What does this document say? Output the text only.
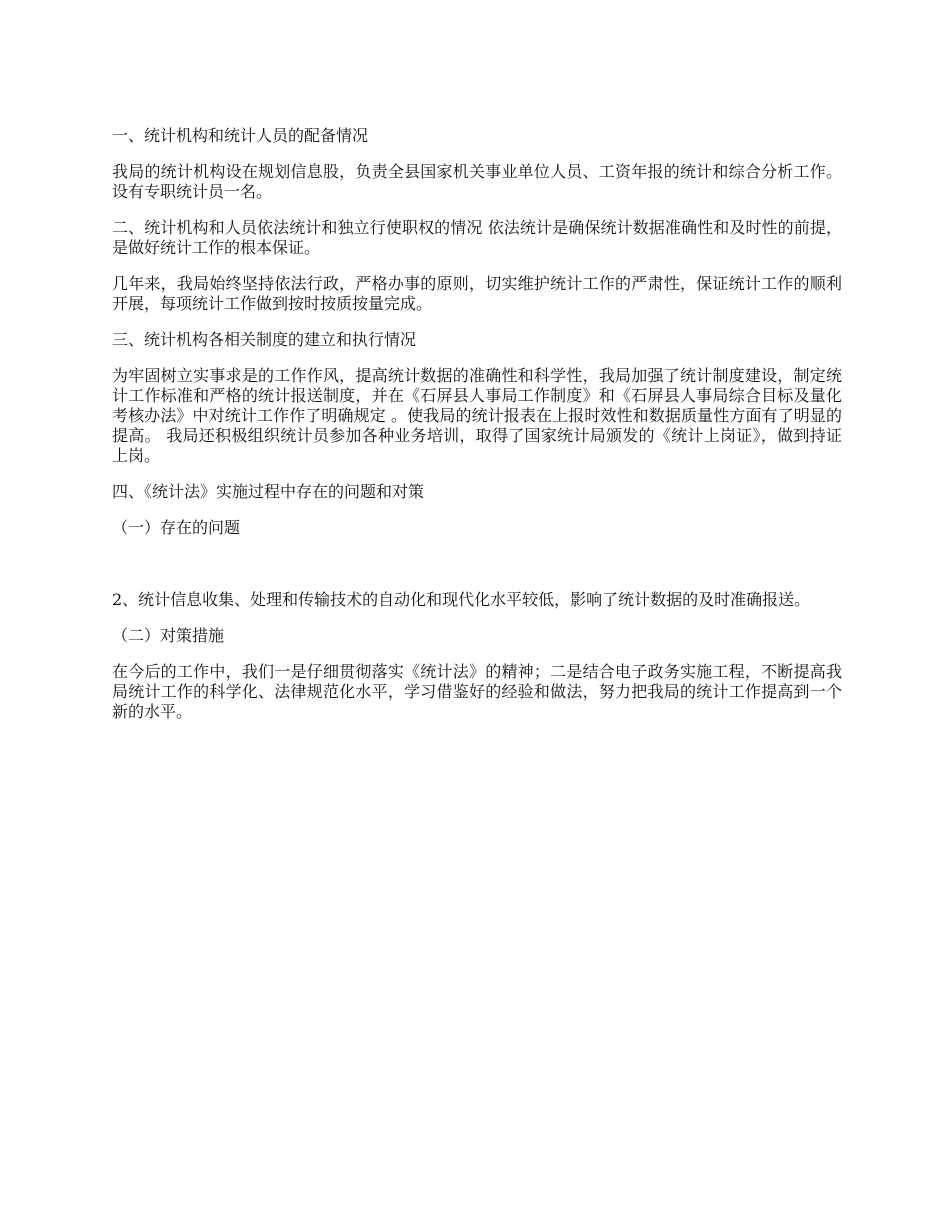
一、统计机构和统计人员的配备情况

我局的统计机构设在规划信息股，负责全县国家机关事业单位人员、工资年报的统计和综合分析工作。设有专职统计员一名。

二、统计机构和人员依法统计和独立行使职权的情况 依法统计是确保统计数据准确性和及时性的前提，是做好统计工作的根本保证。

几年来，我局始终坚持依法行政，严格办事的原则，切实维护统计工作的严肃性，保证统计工作的顺利开展，每项统计工作做到按时按质按量完成。

三、统计机构各相关制度的建立和执行情况

为牢固树立实事求是的工作作风，提高统计数据的准确性和科学性，我局加强了统计制度建设，制定统计工作标准和严格的统计报送制度，并在《石屏县人事局工作制度》和《石屏县人事局综合目标及量化考核办法》中对统计工作作了明确规定 。使我局的统计报表在上报时效性和数据质量性方面有了明显的提高。 我局还积极组织统计员参加各种业务培训，取得了国家统计局颁发的《统计上岗证》，做到持证上岗。

四、《统计法》实施过程中存在的问题和对策

（一）存在的问题

2、统计信息收集、处理和传输技术的自动化和现代化水平较低，影响了统计数据的及时准确报送。

（二）对策措施

在今后的工作中，我们一是仔细贯彻落实《统计法》的精神；二是结合电子政务实施工程，不断提高我局统计工作的科学化、法律规范化水平，学习借鉴好的经验和做法，努力把我局的统计工作提高到一个新的水平。
